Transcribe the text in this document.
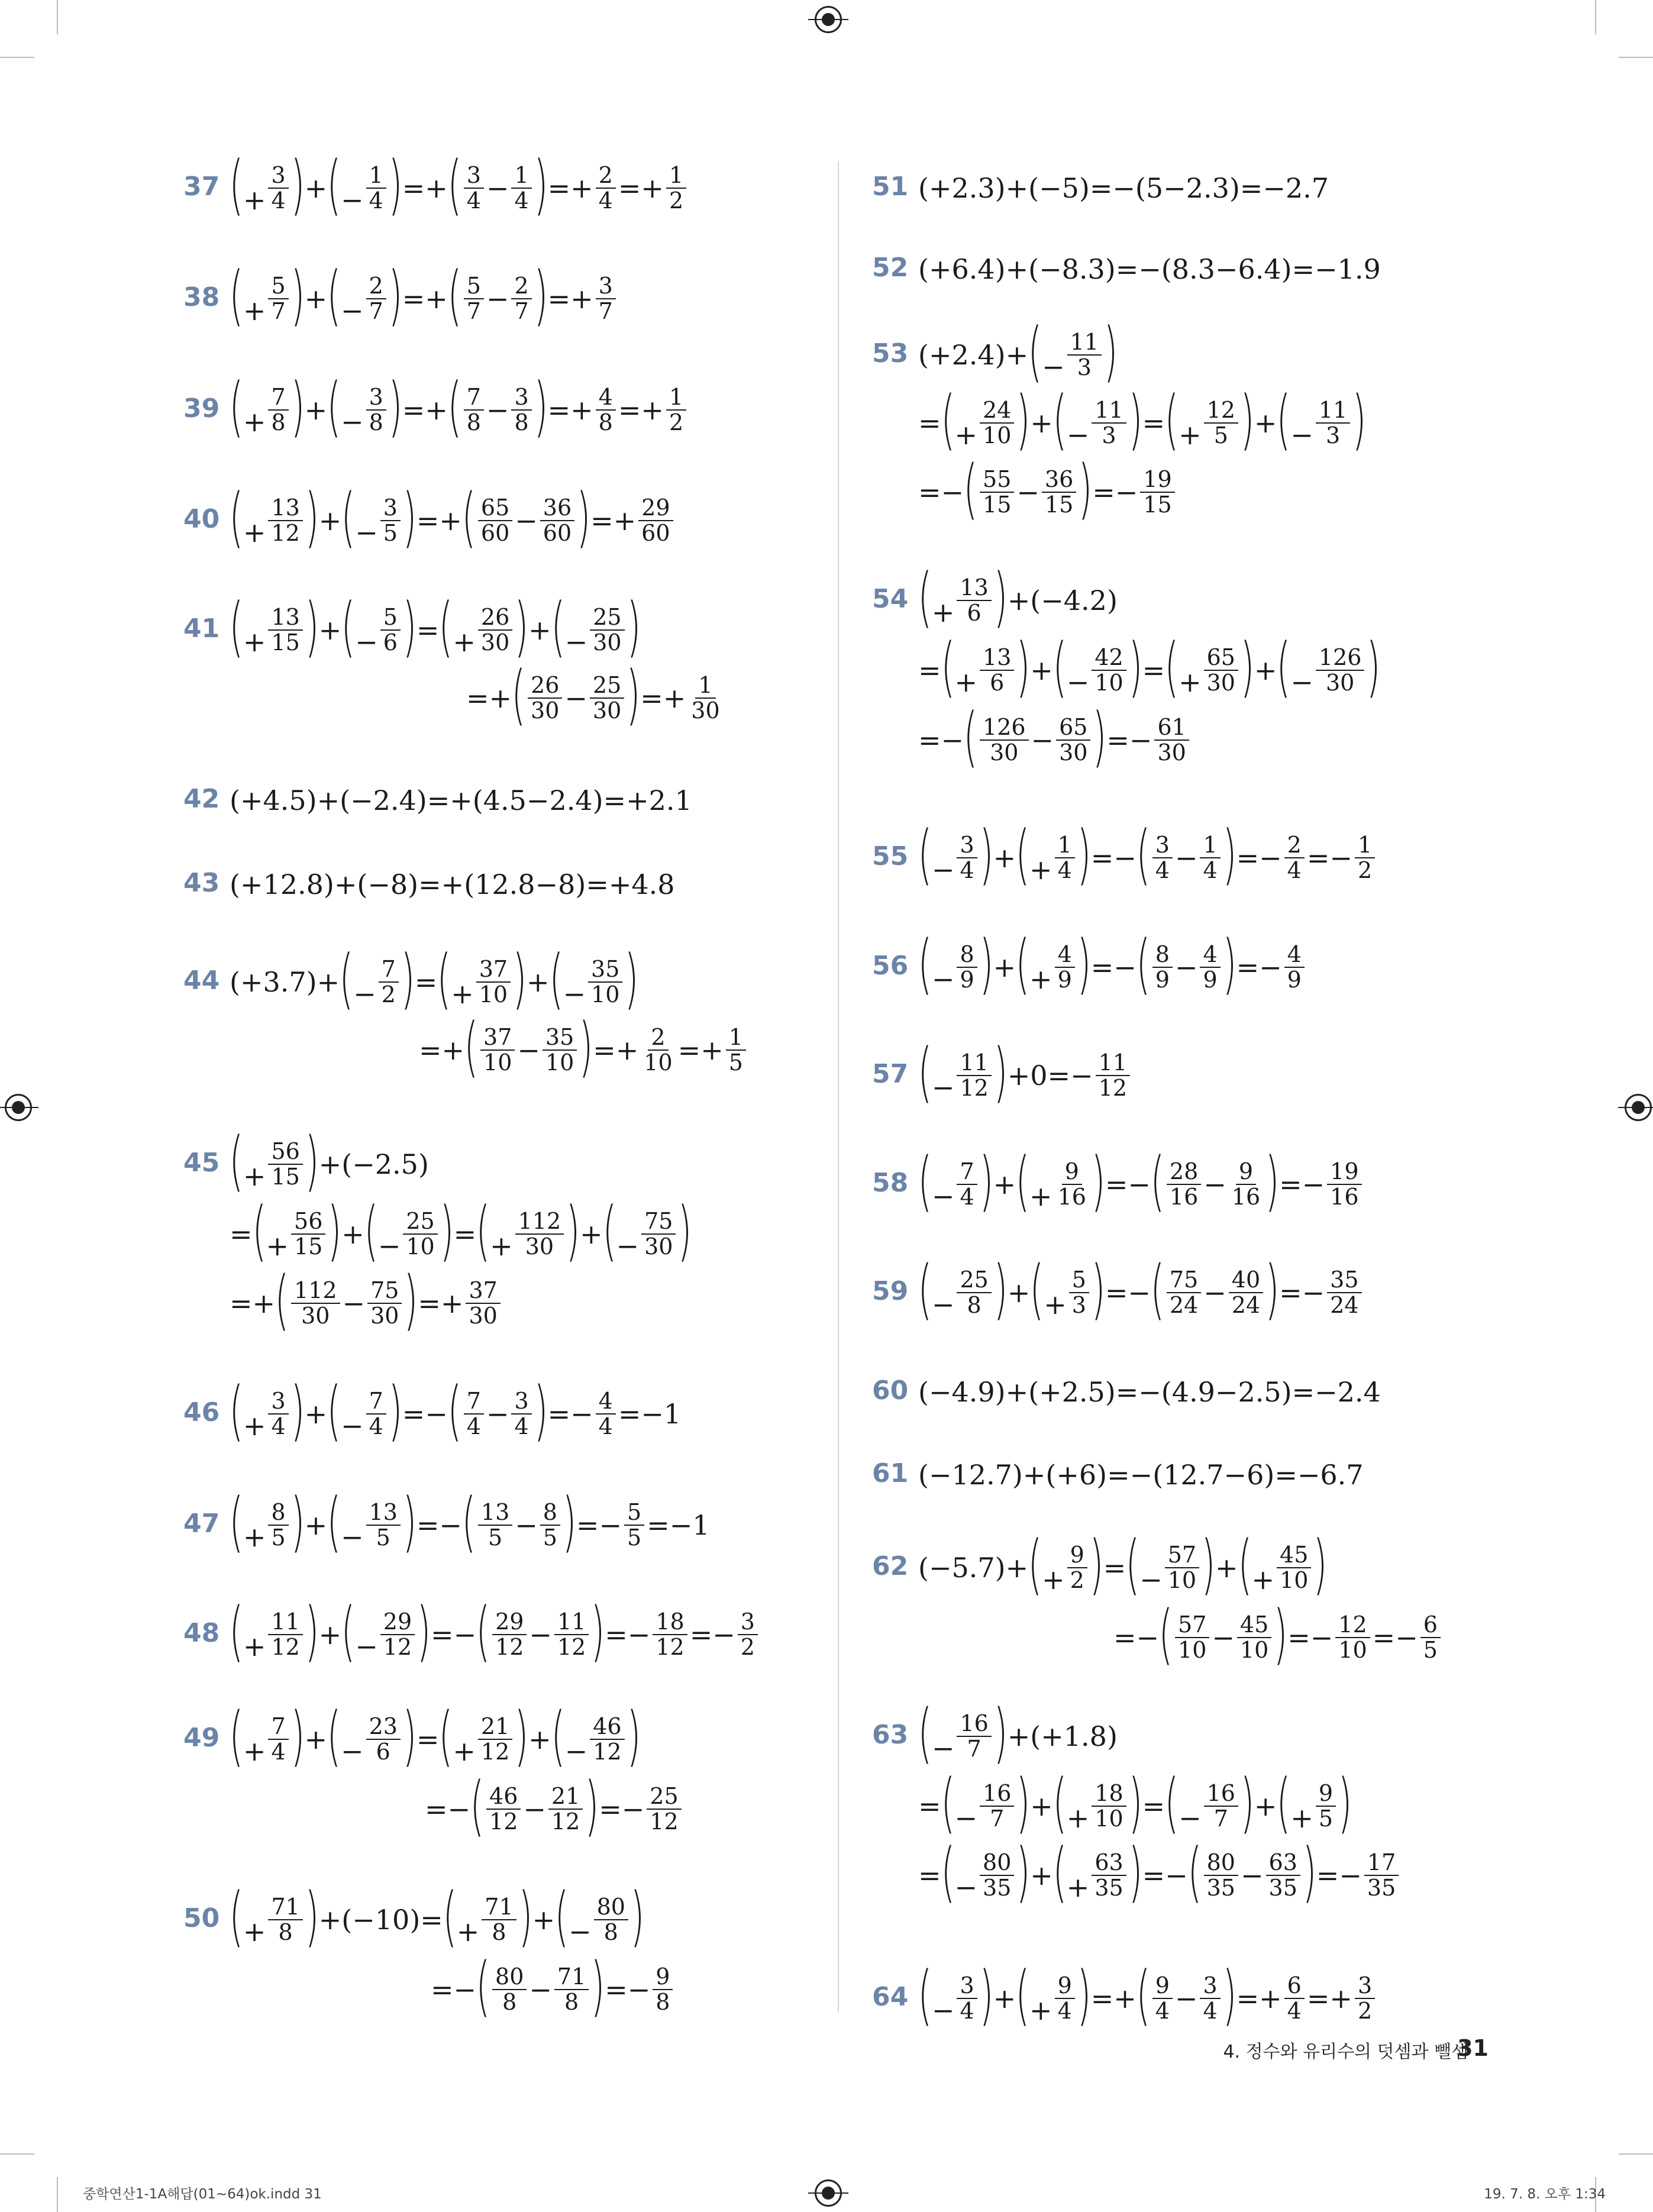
37 (+ $\frac{3}{4}$ ) + (− $\frac{1}{4}$ ) =+ ( $\frac{3}{4} - \frac{1}{4}$ ) =+ $\frac{2}{4} =+ \frac{1}{2}$
38 (+ $\frac{5}{7}$ ) + (− $\frac{2}{7}$ ) =+ ( $\frac{5}{7} - \frac{2}{7}$ ) =+ $\frac{3}{7}$
39 (+ $\frac{7}{8}$ ) + (− $\frac{3}{8}$ ) =+ ( $\frac{7}{8} - \frac{3}{8}$ ) =+ $\frac{4}{8} =+ \frac{1}{2}$
40 (+ $\frac{13}{12}$ ) + (− $\frac{3}{5}$ ) =+ ( $\frac{65}{60} - \frac{36}{60}$ ) =+ $\frac{29}{60}$
41 (+ $\frac{13}{15}$ ) + (− $\frac{5}{6}$ ) = (+ $\frac{26}{30}$ ) + (− $\frac{25}{30}$ )
=+ ( $\frac{26}{30} - \frac{25}{30}$ ) =+ $\frac{1}{30}$
42 (+4.5)+(−2.4)=+(4.5−2.4)=+2.1
43 (+12.8)+(−8)=+(12.8−8)=+4.8
44 (+3.7)+ (− $\frac{7}{2}$ ) = (+ $\frac{37}{10}$ ) + (− $\frac{35}{10}$ )
=+ ( $\frac{37}{10} - \frac{35}{10}$ ) =+ $\frac{2}{10} =+ \frac{1}{5}$
45 (+ $\frac{56}{15}$ ) +(−2.5)
= (+ $\frac{56}{15}$ ) + (− $\frac{25}{10}$ ) = (+ $\frac{112}{30}$ ) + (− $\frac{75}{30}$ )
=+ ( $\frac{112}{30} - \frac{75}{30}$ ) =+ $\frac{37}{30}$
46 (+ $\frac{3}{4}$ ) + (− $\frac{7}{4}$ ) =− ( $\frac{7}{4} - \frac{3}{4}$ ) =− $\frac{4}{4} =-1$
47 (+ $\frac{8}{5}$ ) + (− $\frac{13}{5}$ ) =− ( $\frac{13}{5} - \frac{8}{5}$ ) =− $\frac{5}{5} =-1$
48 (+ $\frac{11}{12}$ ) + (− $\frac{29}{12}$ ) =− ( $\frac{29}{12} - \frac{11}{12}$ ) =− $\frac{18}{12} =- \frac{3}{2}$
49 (+ $\frac{7}{4}$ ) + (− $\frac{23}{6}$ ) = (+ $\frac{21}{12}$ ) + (− $\frac{46}{12}$ )
=− ( $\frac{46}{12} - \frac{21}{12}$ ) =− $\frac{25}{12}$
50 (+ $\frac{71}{8}$ ) +(−10)= (+ $\frac{71}{8}$ ) + (− $\frac{80}{8}$ )
=− ( $\frac{80}{8} - \frac{71}{8}$ ) =− $\frac{9}{8}$
51 (+2.3)+(−5)=−(5−2.3)=−2.7
52 (+6.4)+(−8.3)=−(8.3−6.4)=−1.9
53 (+2.4)+ (− $\frac{11}{3}$ )
= (+ $\frac{24}{10}$ ) + (− $\frac{11}{3}$ ) = (+ $\frac{12}{5}$ ) + (− $\frac{11}{3}$ )
=− ( $\frac{55}{15} - \frac{36}{15}$ ) =− $\frac{19}{15}$
54 (+ $\frac{13}{6}$ ) +(−4.2)
= (+ $\frac{13}{6}$ ) + (− $\frac{42}{10}$ ) = (+ $\frac{65}{30}$ ) + (− $\frac{126}{30}$ )
=− ( $\frac{126}{30} - \frac{65}{30}$ ) =− $\frac{61}{30}$
55 (− $\frac{3}{4}$ ) + (+ $\frac{1}{4}$ ) =− ( $\frac{3}{4} - \frac{1}{4}$ ) =− $\frac{2}{4} =- \frac{1}{2}$
56 (− $\frac{8}{9}$ ) + (+ $\frac{4}{9}$ ) =− ( $\frac{8}{9} - \frac{4}{9}$ ) =− $\frac{4}{9}$
57 (− $\frac{11}{12}$ ) $+0=- \frac{11}{12}$
58 (− $\frac{7}{4}$ ) + (+ $\frac{9}{16}$ ) =− ( $\frac{28}{16} - \frac{9}{16}$ ) =− $\frac{19}{16}$
59 (− $\frac{25}{8}$ ) + (+ $\frac{5}{3}$ ) =− ( $\frac{75}{24} - \frac{40}{24}$ ) =− $\frac{35}{24}$
60 (−4.9)+(+2.5)=−(4.9−2.5)=−2.4
61 (−12.7)+(+6)=−(12.7−6)=−6.7
62 (−5.7)+ (+ $\frac{9}{2}$ ) = (− $\frac{57}{10}$ ) + (+ $\frac{45}{10}$ )
=− ( $\frac{57}{10} - \frac{45}{10}$ ) =− $\frac{12}{10} =- \frac{6}{5}$
63 (− $\frac{16}{7}$ ) +(+1.8)
= (− $\frac{16}{7}$ ) + (+ $\frac{18}{10}$ ) = (− $\frac{16}{7}$ ) + (+ $\frac{9}{5}$ )
= (− $\frac{80}{35}$ ) + (+ $\frac{63}{35}$ ) =− ( $\frac{80}{35} - \frac{63}{35}$ ) =− $\frac{17}{35}$
64 (− $\frac{3}{4}$ ) + (+ $\frac{9}{4}$ ) =+ ( $\frac{9}{4} - \frac{3}{4}$ ) =+ $\frac{6}{4} =+ \frac{3}{2}$
4. 정수와 유리수의 덧셈과 뺄셈
31
중학연산1-1A해답(01~64)ok.indd 31	19. 7. 8. 오후 1:34
